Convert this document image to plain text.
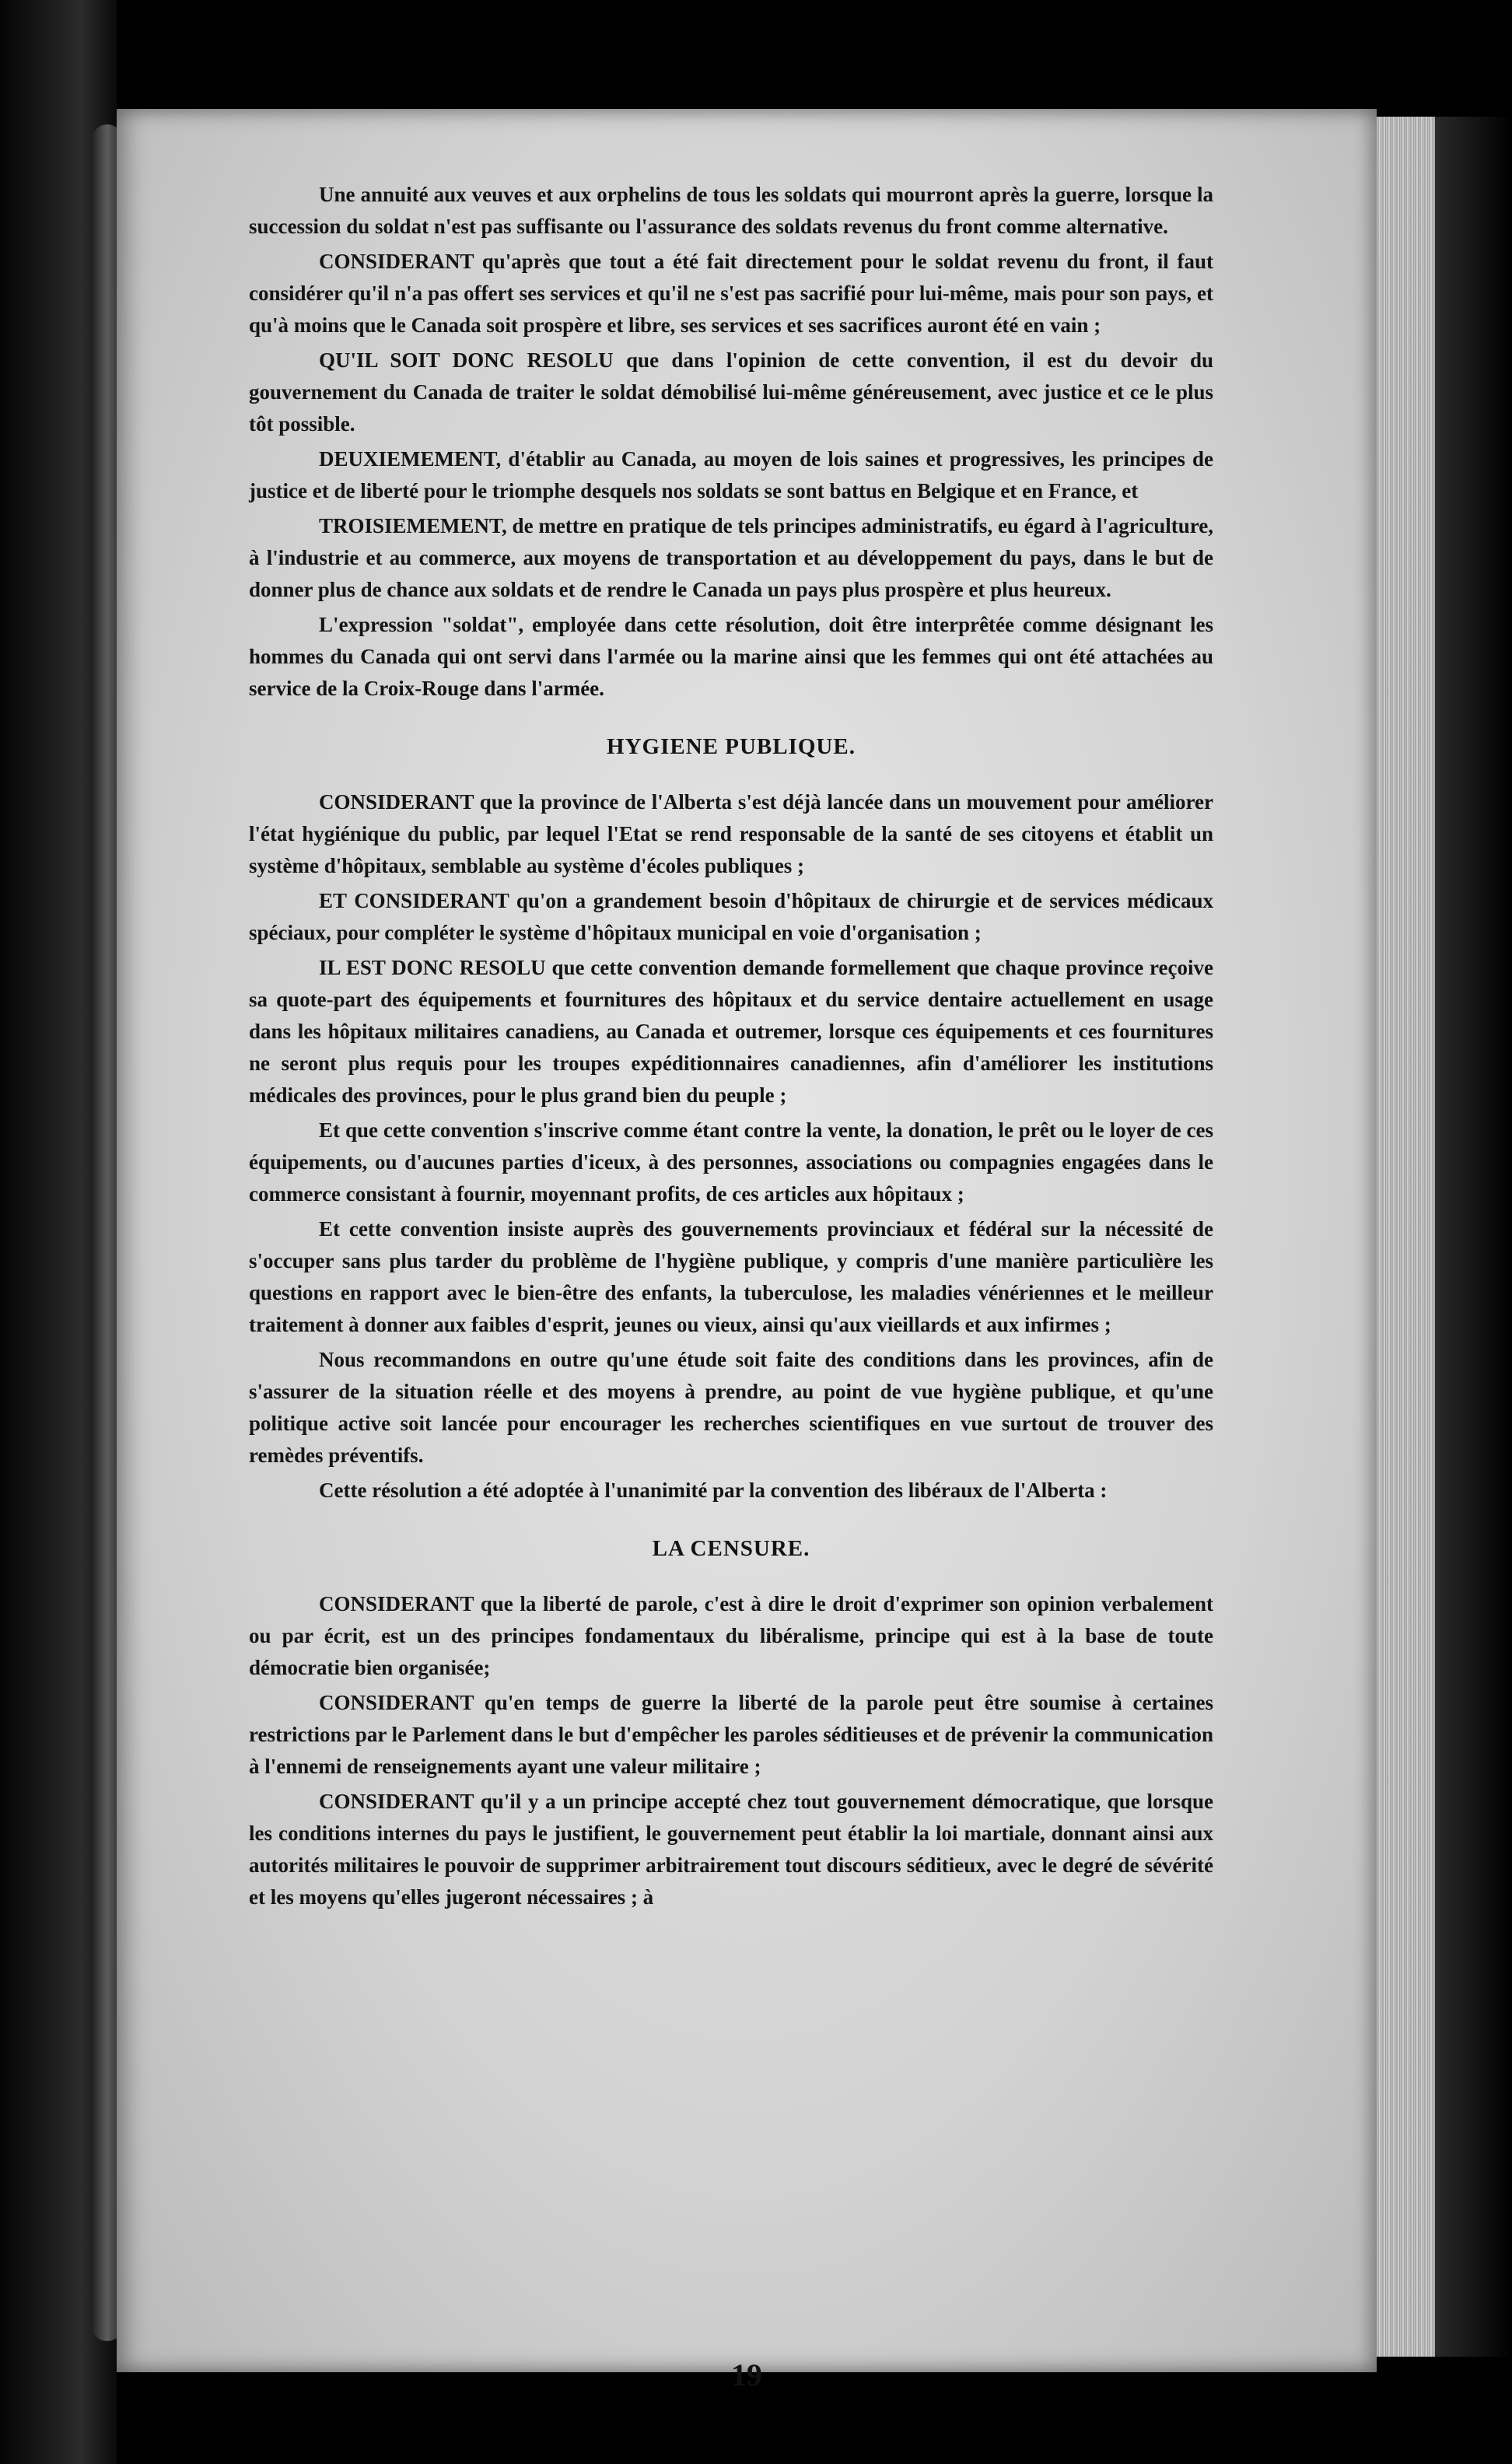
19

Une annuité aux veuves et aux orphelins de tous les soldats qui mourront après la guerre, lorsque la succession du soldat n'est pas suffisante ou l'assurance des soldats revenus du front comme alternative.

CONSIDERANT qu'après que tout a été fait directement pour le soldat revenu du front, il faut considérer qu'il n'a pas offert ses services et qu'il ne s'est pas sacrifié pour lui-même, mais pour son pays, et qu'à moins que le Canada soit prospère et libre, ses services et ses sacrifices auront été en vain ;

QU'IL SOIT DONC RESOLU que dans l'opinion de cette convention, il est du devoir du gouvernement du Canada de traiter le soldat démobilisé lui-même généreusement, avec justice et ce le plus tôt possible.

DEUXIEMEMENT, d'établir au Canada, au moyen de lois saines et progressives, les principes de justice et de liberté pour le triomphe desquels nos soldats se sont battus en Belgique et en France, et

TROISIEMEMENT, de mettre en pratique de tels principes administratifs, eu égard à l'agriculture, à l'industrie et au commerce, aux moyens de transportation et au développement du pays, dans le but de donner plus de chance aux soldats et de rendre le Canada un pays plus prospère et plus heureux.

L'expression "soldat", employée dans cette résolution, doit être interprêtée comme désignant les hommes du Canada qui ont servi dans l'armée ou la marine ainsi que les femmes qui ont été attachées au service de la Croix-Rouge dans l'armée.

HYGIENE PUBLIQUE.

CONSIDERANT que la province de l'Alberta s'est déjà lancée dans un mouvement pour améliorer l'état hygiénique du public, par lequel l'Etat se rend responsable de la santé de ses citoyens et établit un système d'hôpitaux, semblable au système d'écoles publiques ;

ET CONSIDERANT qu'on a grandement besoin d'hôpitaux de chirurgie et de services médicaux spéciaux, pour compléter le système d'hôpitaux municipal en voie d'organisation ;

IL EST DONC RESOLU que cette convention demande formellement que chaque province reçoive sa quote-part des équipements et fournitures des hôpitaux et du service dentaire actuellement en usage dans les hôpitaux militaires canadiens, au Canada et outremer, lorsque ces équipements et ces fournitures ne seront plus requis pour les troupes expéditionnaires canadiennes, afin d'améliorer les institutions médicales des provinces, pour le plus grand bien du peuple ;

Et que cette convention s'inscrive comme étant contre la vente, la donation, le prêt ou le loyer de ces équipements, ou d'aucunes parties d'iceux, à des personnes, associations ou compagnies engagées dans le commerce consistant à fournir, moyennant profits, de ces articles aux hôpitaux ;

Et cette convention insiste auprès des gouvernements provinciaux et fédéral sur la nécessité de s'occuper sans plus tarder du problème de l'hygiène publique, y compris d'une manière particulière les questions en rapport avec le bien-être des enfants, la tuberculose, les maladies vénériennes et le meilleur traitement à donner aux faibles d'esprit, jeunes ou vieux, ainsi qu'aux vieillards et aux infirmes ;

Nous recommandons en outre qu'une étude soit faite des conditions dans les provinces, afin de s'assurer de la situation réelle et des moyens à prendre, au point de vue hygiène publique, et qu'une politique active soit lancée pour encourager les recherches scientifiques en vue surtout de trouver des remèdes préventifs.

Cette résolution a été adoptée à l'unanimité par la convention des libéraux de l'Alberta :

LA CENSURE.

CONSIDERANT que la liberté de parole, c'est à dire le droit d'exprimer son opinion verbalement ou par écrit, est un des principes fondamentaux du libéralisme, principe qui est à la base de toute démocratie bien organisée;

CONSIDERANT qu'en temps de guerre la liberté de la parole peut être soumise à certaines restrictions par le Parlement dans le but d'empêcher les paroles séditieuses et de prévenir la communication à l'ennemi de renseignements ayant une valeur militaire ;

CONSIDERANT qu'il y a un principe accepté chez tout gouvernement démocratique, que lorsque les conditions internes du pays le justifient, le gouvernement peut établir la loi martiale, donnant ainsi aux autorités militaires le pouvoir de supprimer arbitrairement tout discours séditieux, avec le degré de sévérité et les moyens qu'elles jugeront nécessaires ; à
